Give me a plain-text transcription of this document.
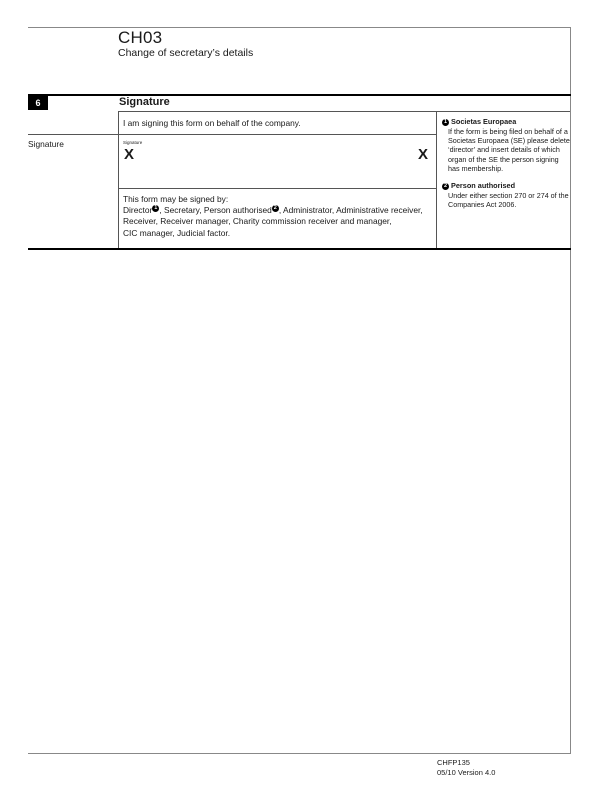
CH03
Change of secretary’s details
6	Signature
I am signing this form on behalf of the company.
Signature	Signature
X	X
This form may be signed by:
Director 1 , Secretary, Person authorised 2 , Administrator, Administrative receiver,
Receiver, Receiver manager, Charity commission receiver and manager,
CIC manager, Judicial factor.
1 Societas Europaea
If the form is being filed on behalf of a Societas Europaea (SE) please delete ‘director’ and insert details of which organ of the SE the person signing has membership.
2 Person authorised
Under either section 270 or 274 of the Companies Act 2006.
CHFP135
05/10 Version 4.0
